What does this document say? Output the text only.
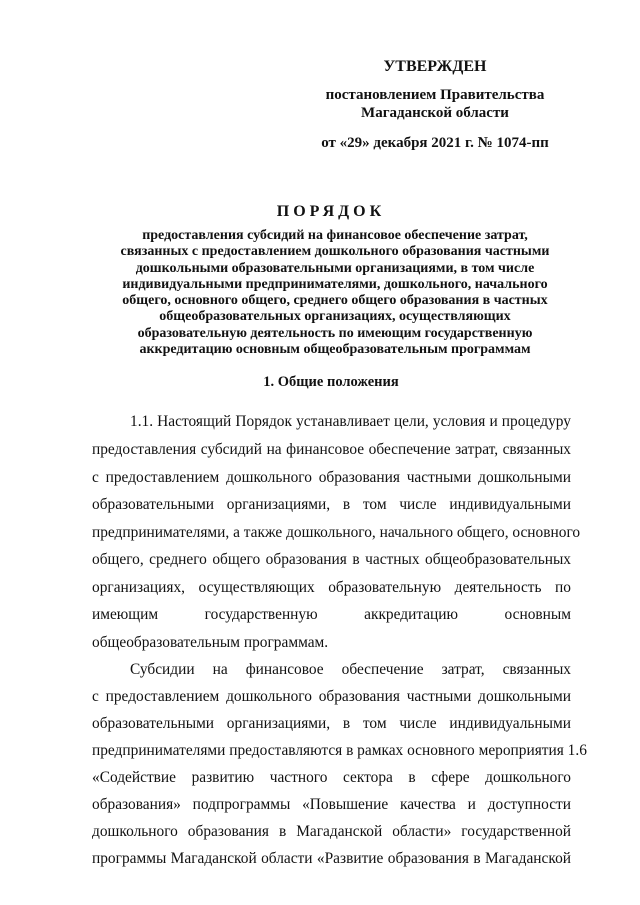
УТВЕРЖДЕН
постановлением Правительства
Магаданской области
от «29» декабря 2021 г. № 1074-пп
ПОРЯДОК
предоставления субсидий на финансовое обеспечение затрат,
связанных с предоставлением дошкольного образования частными
дошкольными образовательными организациями, в том числе
индивидуальными предпринимателями, дошкольного, начального
общего, основного общего, среднего общего образования в частных
общеобразовательных организациях, осуществляющих
образовательную деятельность по имеющим государственную
аккредитацию основным общеобразовательным программам
1. Общие положения
1.1. Настоящий Порядок устанавливает цели, условия и процедуру
предоставления субсидий на финансовое обеспечение затрат, связанных
с предоставлением дошкольного образования частными дошкольными
образовательными организациями, в том числе индивидуальными
предпринимателями, а также дошкольного, начального общего, основного
общего, среднего общего образования в частных общеобразовательных
организациях, осуществляющих образовательную деятельность по
имеющим государственную аккредитацию основным
общеобразовательным программам.
Субсидии на финансовое обеспечение затрат, связанных
с предоставлением дошкольного образования частными дошкольными
образовательными организациями, в том числе индивидуальными
предпринимателями предоставляются в рамках основного мероприятия 1.6
«Содействие развитию частного сектора в сфере дошкольного
образования» подпрограммы «Повышение качества и доступности
дошкольного образования в Магаданской области» государственной
программы Магаданской области «Развитие образования в Магаданской
